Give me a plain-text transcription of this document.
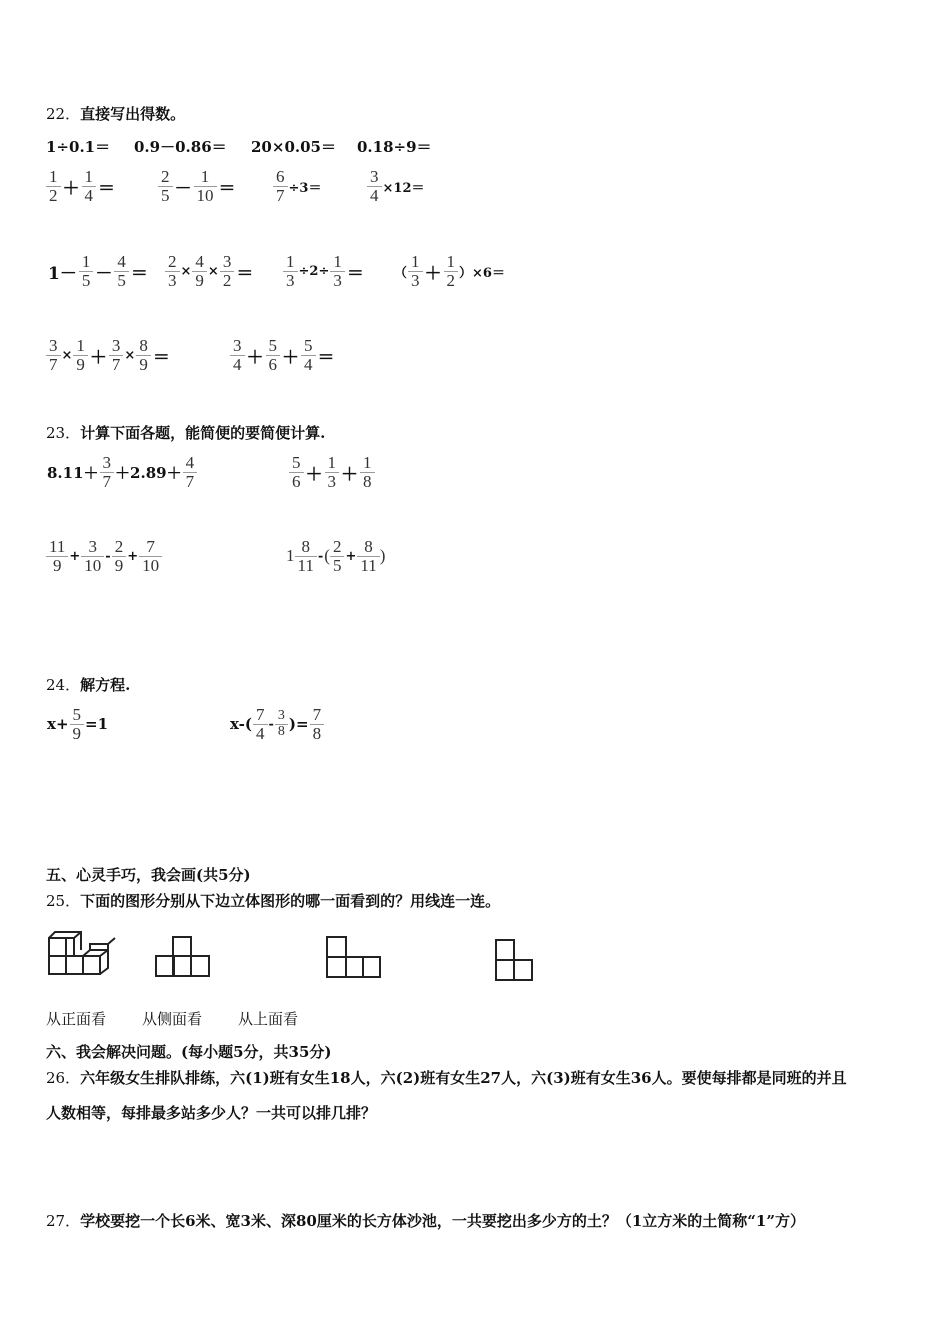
22．直接写出得数。
1÷0.1＝ 0.9－0.86＝ 20×0.05＝ 0.18÷9＝
$\frac{1}{2} + \frac{1}{4}$ ＝	$\frac{2}{5} - \frac{1}{10} = \frac{6}{7} \div 3=$	$\frac{3}{4} \times 12=$
$1- \frac{1}{5} - \frac{4}{5} = \frac{2}{3} \times \frac{4}{9} \times \frac{3}{2} = \frac{1}{3} \div 2\div \frac{1}{3}$ ＝ （ $\frac{1}{3} + \frac{1}{2} )\times 6=$
$\frac{3}{7} \times \frac{1}{9} + \frac{3}{7} \times \frac{8}{9}$ ＝	$\frac{3}{4} + \frac{5}{6} + \frac{5}{4}$ ＝
23．计算下面各题，能简便的要简便计算.
$8.11+ \frac{3}{7} +2.89+ \frac{4}{7}$	$\frac{5}{6} + \frac{1}{3} + \frac{1}{8}$
$\frac{11}{9} + \frac{3}{10} - \frac{2}{9} + \frac{7}{10}$	$1 \frac{8}{11}$ -( $\frac{2}{5} + \frac{8}{11}$ )
24．解方程.
$x+ \frac{5}{9} =1$	$x-( \frac{7}{4} - \frac{3}{8}$ )= $\frac{7}{8}$
五、心灵手巧，我会画(共5分)
25．下面的图形分别从下边立体图形的哪一面看到的？用线连一连。
从正面看 从侧面看 从上面看
六、我会解决问题。(每小题5分，共35分)
26．六年级女生排队排练，六(1)班有女生18人，六(2)班有女生27人，六(3)班有女生36人。要使每排都是同班的并且
人数相等，每排最多站多少人？一共可以排几排？
27．学校要挖一个长6米、宽3米、深80厘米的长方体沙池，一共要挖出多少方的土？（1立方米的土简称“1”方）
